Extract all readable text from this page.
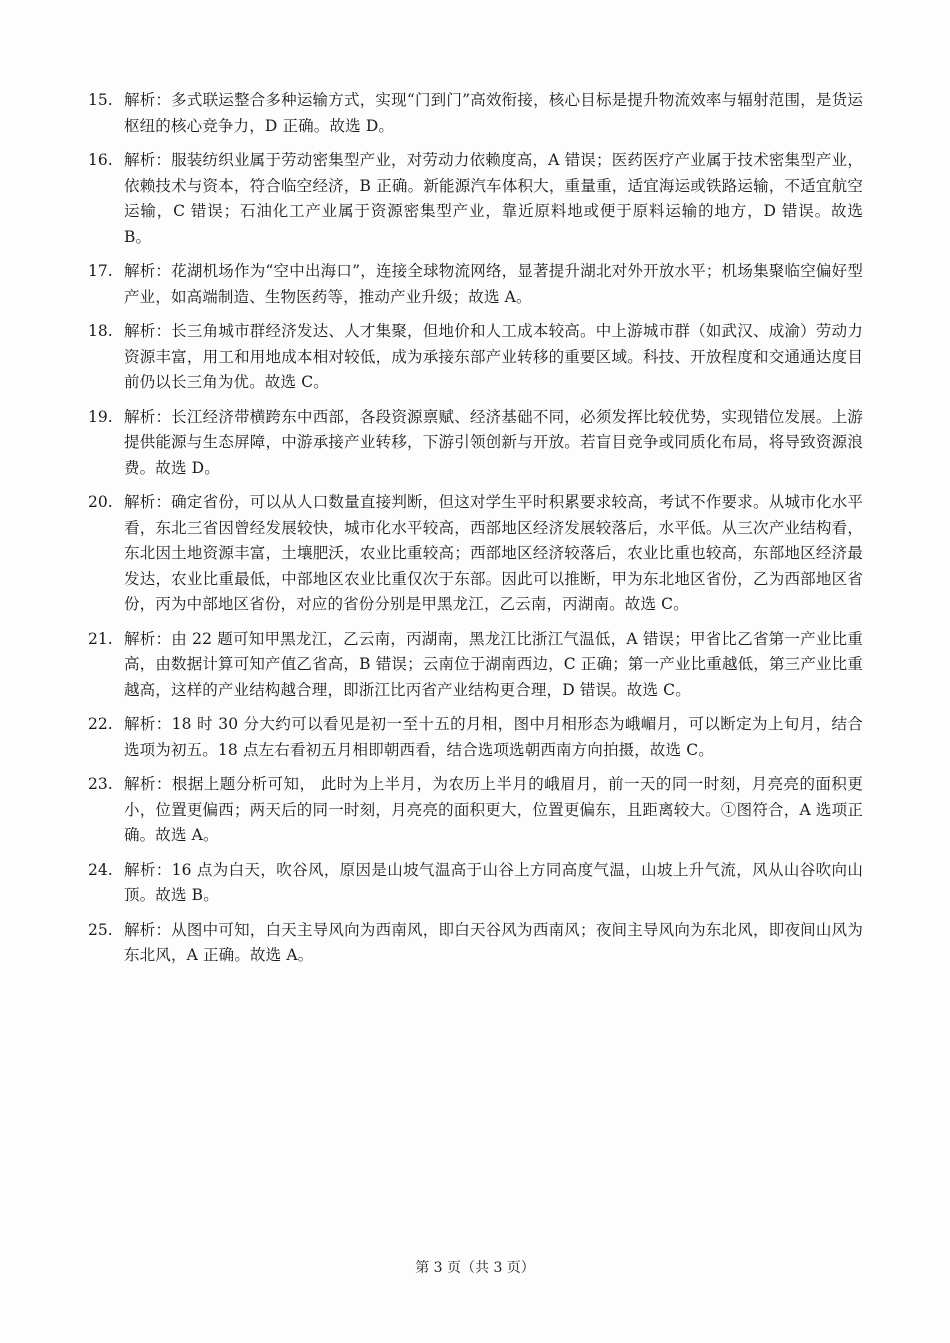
15. 解析：多式联运整合多种运输方式，实现“门到门”高效衔接，核心目标是提升物流效率与辐射范围，是货运枢纽的核心竞争力，D 正确。故选 D。
16. 解析：服装纺织业属于劳动密集型产业，对劳动力依赖度高，A 错误；医药医疗产业属于技术密集型产业，依赖技术与资本，符合临空经济，B 正确。新能源汽车体积大，重量重，适宜海运或铁路运输，不适宜航空运输，C 错误；石油化工产业属于资源密集型产业，靠近原料地或便于原料运输的地方，D 错误。故选 B。
17. 解析：花湖机场作为“空中出海口”，连接全球物流网络，显著提升湖北对外开放水平；机场集聚临空偏好型产业，如高端制造、生物医药等，推动产业升级；故选 A。
18. 解析：长三角城市群经济发达、人才集聚，但地价和人工成本较高。中上游城市群（如武汉、成渝）劳动力资源丰富，用工和用地成本相对较低，成为承接东部产业转移的重要区域。科技、开放程度和交通通达度目前仍以长三角为优。故选 C。
19. 解析：长江经济带横跨东中西部，各段资源禀赋、经济基础不同，必须发挥比较优势，实现错位发展。上游提供能源与生态屏障，中游承接产业转移，下游引领创新与开放。若盲目竞争或同质化布局，将导致资源浪费。故选 D。
20. 解析：确定省份，可以从人口数量直接判断，但这对学生平时积累要求较高，考试不作要求。从城市化水平看，东北三省因曾经发展较快，城市化水平较高，西部地区经济发展较落后，水平低。从三次产业结构看，东北因土地资源丰富，土壤肥沃，农业比重较高；西部地区经济较落后，农业比重也较高，东部地区经济最发达，农业比重最低，中部地区农业比重仅次于东部。因此可以推断，甲为东北地区省份，乙为西部地区省份，丙为中部地区省份，对应的省份分别是甲黑龙江，乙云南，丙湖南。故选 C。
21. 解析：由 22 题可知甲黑龙江，乙云南，丙湖南，黑龙江比浙江气温低，A 错误；甲省比乙省第一产业比重高，由数据计算可知产值乙省高，B 错误；云南位于湖南西边，C 正确；第一产业比重越低，第三产业比重越高，这样的产业结构越合理，即浙江比丙省产业结构更合理，D 错误。故选 C。
22. 解析：18 时 30 分大约可以看见是初一至十五的月相，图中月相形态为峨嵋月，可以断定为上旬月，结合选项为初五。18 点左右看初五月相即朝西看，结合选项选朝西南方向拍摄，故选 C。
23. 解析：根据上题分析可知， 此时为上半月，为农历上半月的峨眉月，前一天的同一时刻，月亮亮的面积更小，位置更偏西；两天后的同一时刻，月亮亮的面积更大，位置更偏东，且距离较大。①图符合，A 选项正确。故选 A。
24. 解析：16 点为白天，吹谷风，原因是山坡气温高于山谷上方同高度气温，山坡上升气流，风从山谷吹向山顶。故选 B。
25. 解析：从图中可知，白天主导风向为西南风，即白天谷风为西南风；夜间主导风向为东北风，即夜间山风为东北风，A 正确。故选 A。
第 3 页（共 3 页）
